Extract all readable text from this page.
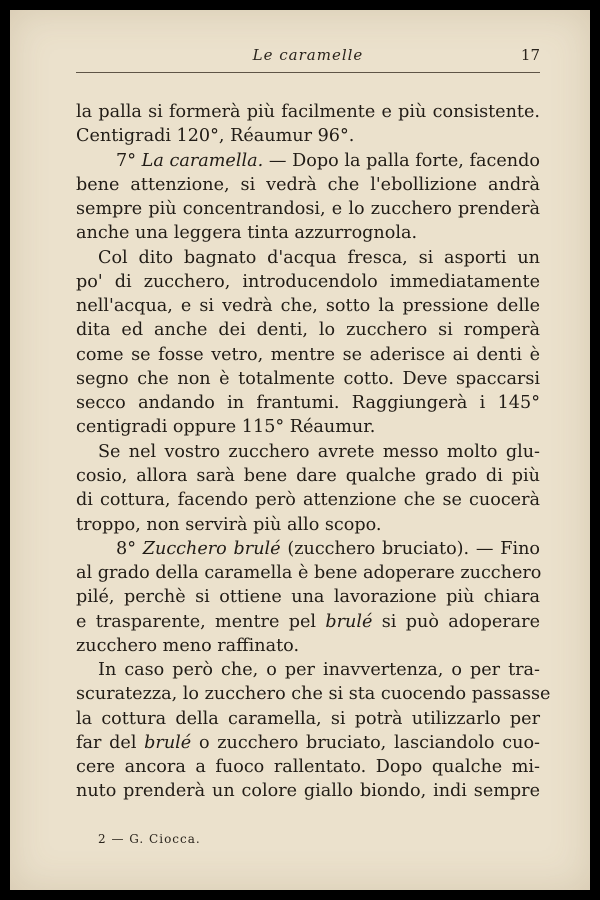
Le caramelle	17
la palla si formerà più facilmente e più consistente.
Centigradi 120°, Réaumur 96°.
7° La caramella. — Dopo la palla forte, facendo
bene attenzione, si vedrà che l'ebollizione andrà
sempre più concentrandosi, e lo zucchero prenderà
anche una leggera tinta azzurrognola.
Col dito bagnato d'acqua fresca, si asporti un
po' di zucchero, introducendolo immediatamente
nell'acqua, e si vedrà che, sotto la pressione delle
dita ed anche dei denti, lo zucchero si romperà
come se fosse vetro, mentre se aderisce ai denti è
segno che non è totalmente cotto. Deve spaccarsi
secco andando in frantumi. Raggiungerà i 145°
centigradi oppure 115° Réaumur.
Se nel vostro zucchero avrete messo molto glu-
cosio, allora sarà bene dare qualche grado di più
di cottura, facendo però attenzione che se cuocerà
troppo, non servirà più allo scopo.
8° Zucchero brulé (zucchero bruciato). — Fino
al grado della caramella è bene adoperare zucchero
pilé, perchè si ottiene una lavorazione più chiara
e trasparente, mentre pel brulé si può adoperare
zucchero meno raffinato.
In caso però che, o per inavvertenza, o per tra-
scuratezza, lo zucchero che si sta cuocendo passasse
la cottura della caramella, si potrà utilizzarlo per
far del brulé o zucchero bruciato, lasciandolo cuo-
cere ancora a fuoco rallentato. Dopo qualche mi-
nuto prenderà un colore giallo biondo, indi sempre
2 — G. Ciocca.
